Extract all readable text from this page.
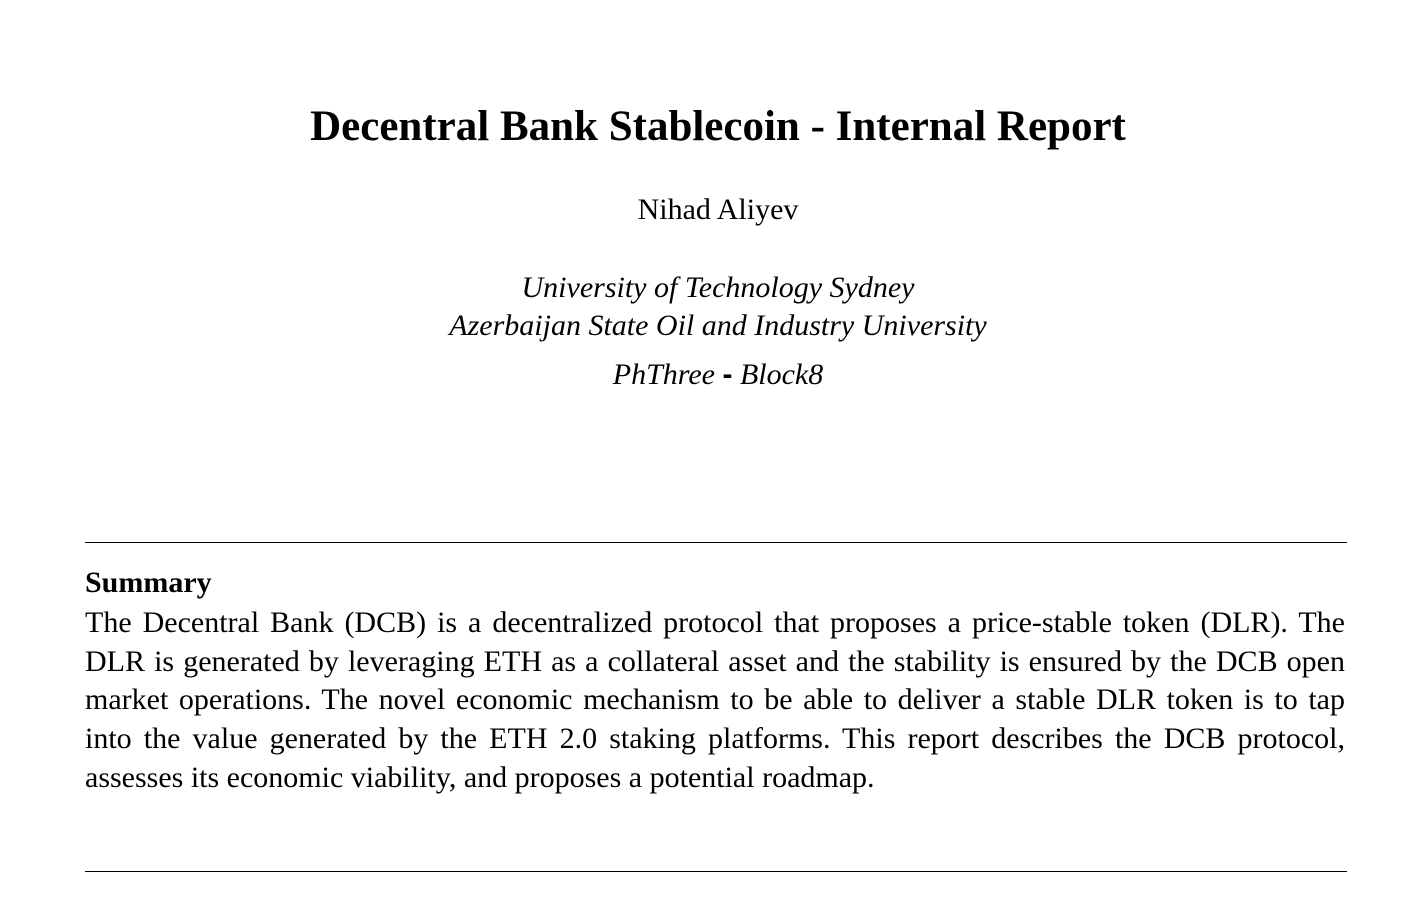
Decentral Bank Stablecoin - Internal Report
Nihad Aliyev
University of Technology Sydney
Azerbaijan State Oil and Industry University
PhThree - Block8
Summary

The Decentral Bank (DCB) is a decentralized protocol that proposes a price-stable token (DLR). The DLR is generated by leveraging ETH as a collateral asset and the stability is ensured by the DCB open market operations. The novel economic mechanism to be able to deliver a stable DLR token is to tap into the value generated by the ETH 2.0 staking platforms. This report describes the DCB protocol, assesses its economic viability, and proposes a potential roadmap.
